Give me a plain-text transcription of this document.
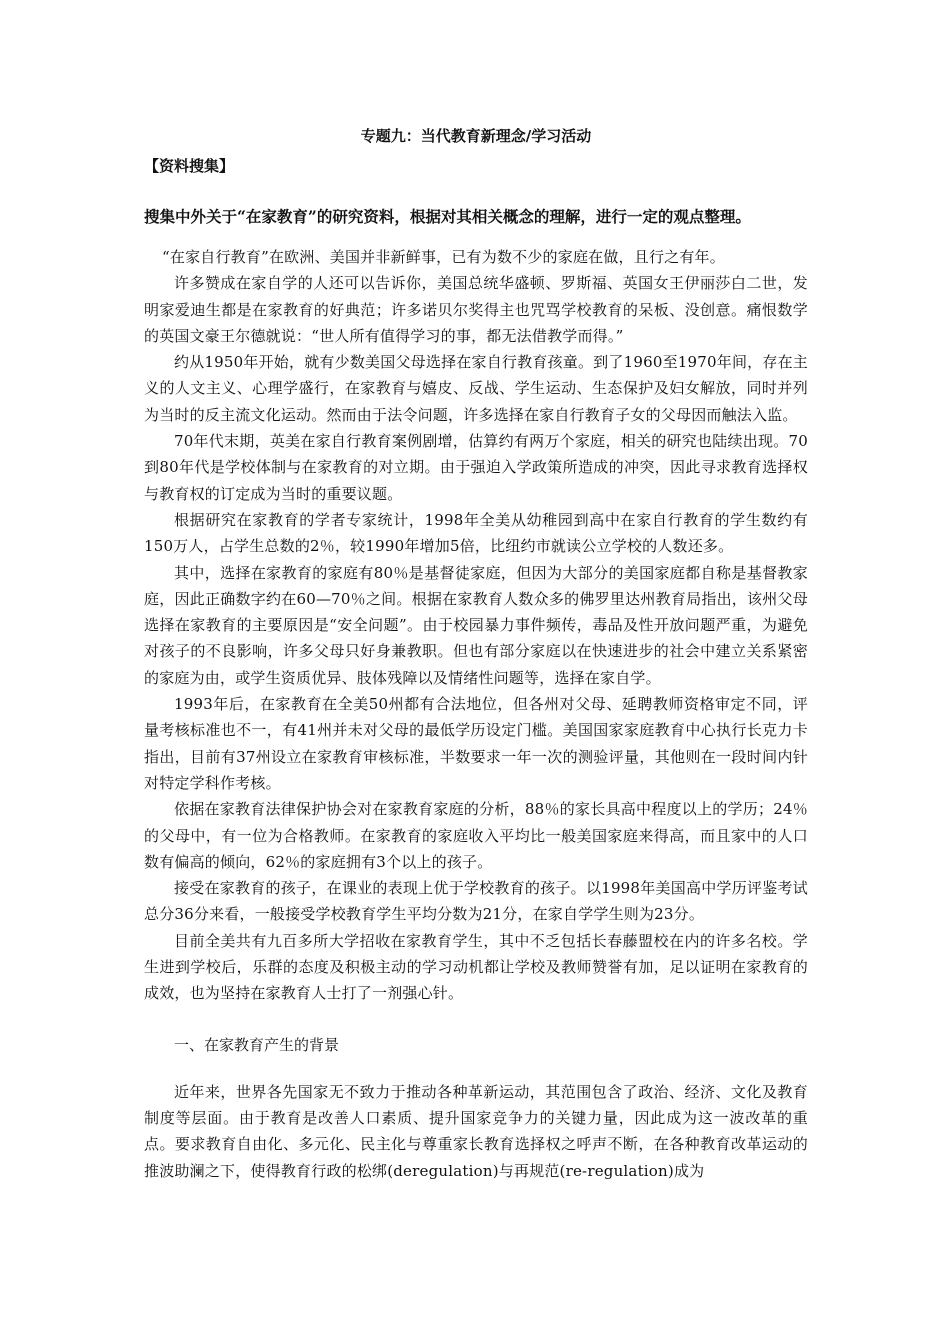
专题九：当代教育新理念/学习活动

【资料搜集】

搜集中外关于“在家教育”的研究资料，根据对其相关概念的理解，进行一定的观点整理。

“在家自行教育”在欧洲、美国并非新鲜事，已有为数不少的家庭在做，且行之有年。

许多赞成在家自学的人还可以告诉你，美国总统华盛顿、罗斯福、英国女王伊丽莎白二世，发明家爱迪生都是在家教育的好典范；许多诺贝尔奖得主也咒骂学校教育的呆板、没创意。痛恨数学的英国文豪王尔德就说：“世人所有值得学习的事，都无法借教学而得。”

约从1950年开始，就有少数美国父母选择在家自行教育孩童。到了1960至1970年间，存在主义的人文主义、心理学盛行，在家教育与嬉皮、反战、学生运动、生态保护及妇女解放，同时并列为当时的反主流文化运动。然而由于法令问题，许多选择在家自行教育子女的父母因而触法入监。

70年代末期，英美在家自行教育案例剧增，估算约有两万个家庭，相关的研究也陆续出现。70到80年代是学校体制与在家教育的对立期。由于强迫入学政策所造成的冲突，因此寻求教育选择权与教育权的订定成为当时的重要议题。

根据研究在家教育的学者专家统计，1998年全美从幼稚园到高中在家自行教育的学生数约有150万人，占学生总数的2％，较1990年增加5倍，比纽约市就读公立学校的人数还多。

其中，选择在家教育的家庭有80％是基督徒家庭，但因为大部分的美国家庭都自称是基督教家庭，因此正确数字约在60—70％之间。根据在家教育人数众多的佛罗里达州教育局指出，该州父母选择在家教育的主要原因是“安全问题”。由于校园暴力事件频传，毒品及性开放问题严重，为避免对孩子的不良影响，许多父母只好身兼教职。但也有部分家庭以在快速进步的社会中建立关系紧密的家庭为由，或学生资质优异、肢体残障以及情绪性问题等，选择在家自学。

1993年后，在家教育在全美50州都有合法地位，但各州对父母、延聘教师资格审定不同，评量考核标准也不一，有41州并未对父母的最低学历设定门槛。美国国家家庭教育中心执行长克力卡指出，目前有37州设立在家教育审核标准，半数要求一年一次的测验评量，其他则在一段时间内针对特定学科作考核。

依据在家教育法律保护协会对在家教育家庭的分析，88％的家长具高中程度以上的学历；24％的父母中，有一位为合格教师。在家教育的家庭收入平均比一般美国家庭来得高，而且家中的人口数有偏高的倾向，62％的家庭拥有3个以上的孩子。

接受在家教育的孩子，在课业的表现上优于学校教育的孩子。以1998年美国高中学历评鉴考试总分36分来看，一般接受学校教育学生平均分数为21分，在家自学学生则为23分。

目前全美共有九百多所大学招收在家教育学生，其中不乏包括长春藤盟校在内的许多名校。学生进到学校后，乐群的态度及积极主动的学习动机都让学校及教师赞誉有加，足以证明在家教育的成效，也为坚持在家教育人士打了一剂强心针。

一、在家教育产生的背景

近年来，世界各先国家无不致力于推动各种革新运动，其范围包含了政治、经济、文化及教育制度等层面。由于教育是改善人口素质、提升国家竞争力的关键力量，因此成为这一波改革的重点。要求教育自由化、多元化、民主化与尊重家长教育选择权之呼声不断，在各种教育改革运动的推波助澜之下，使得教育行政的松绑(deregulation)与再规范(re-regulation)成为
